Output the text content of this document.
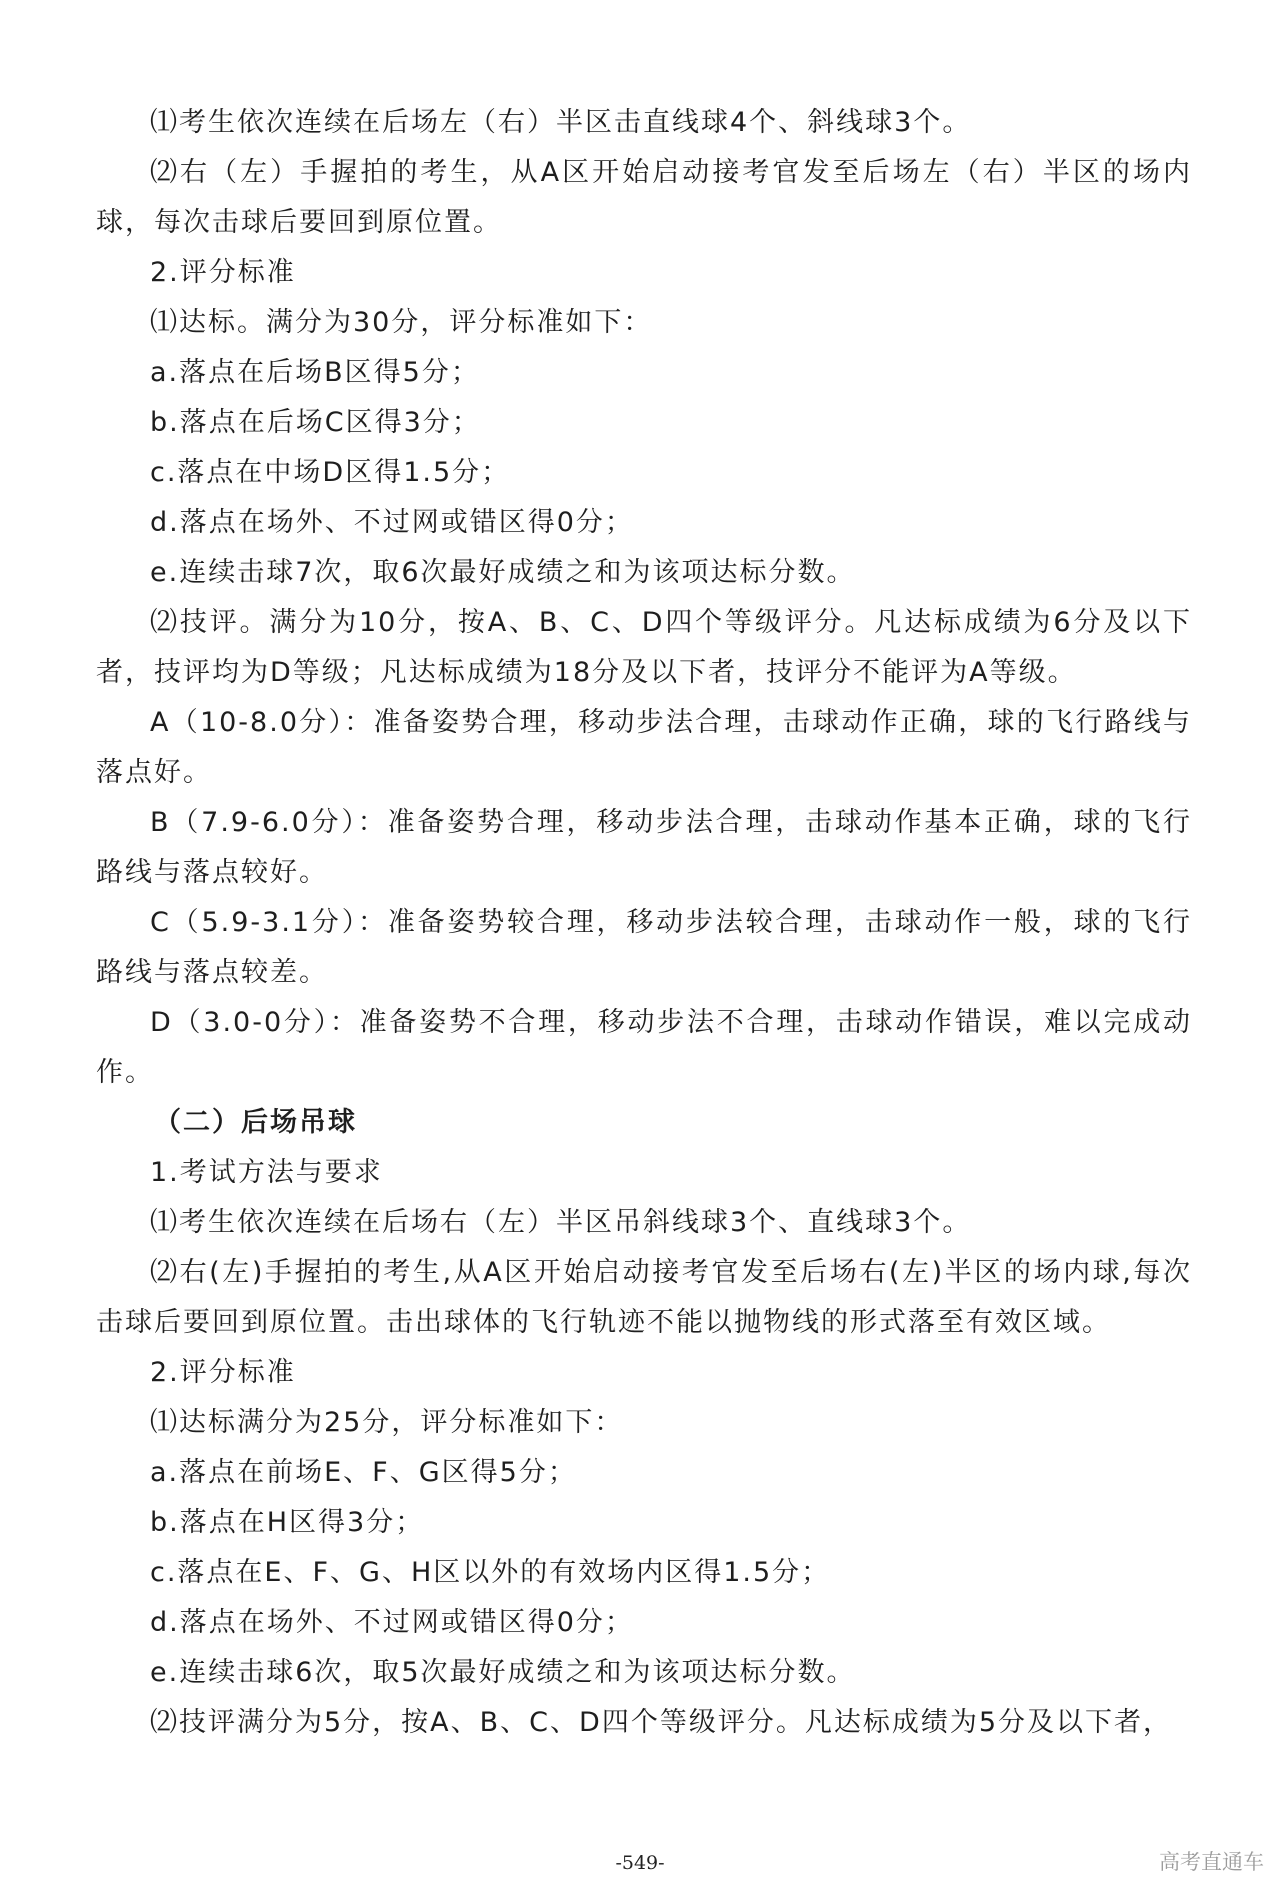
⑴考生依次连续在后场左（右）半区击直线球4个、斜线球3个。

⑵右（左）手握拍的考生，从A区开始启动接考官发至后场左（右）半区的场内球，每次击球后要回到原位置。

2.评分标准

⑴达标。满分为30分，评分标准如下：

a.落点在后场B区得5分；

b.落点在后场C区得3分；

c.落点在中场D区得1.5分；

d.落点在场外、不过网或错区得0分；

e.连续击球7次，取6次最好成绩之和为该项达标分数。

⑵技评。满分为10分，按A、B、C、D四个等级评分。凡达标成绩为6分及以下者，技评均为D等级；凡达标成绩为18分及以下者，技评分不能评为A等级。

A（10-8.0分）：准备姿势合理，移动步法合理，击球动作正确，球的飞行路线与落点好。

B（7.9-6.0分）：准备姿势合理，移动步法合理，击球动作基本正确，球的飞行路线与落点较好。

C（5.9-3.1分）：准备姿势较合理，移动步法较合理，击球动作一般，球的飞行路线与落点较差。

D（3.0-0分）：准备姿势不合理，移动步法不合理，击球动作错误，难以完成动作。

（二）后场吊球

1.考试方法与要求

⑴考生依次连续在后场右（左）半区吊斜线球3个、直线球3个。

⑵右(左)手握拍的考生,从A区开始启动接考官发至后场右(左)半区的场内球,每次击球后要回到原位置。击出球体的飞行轨迹不能以抛物线的形式落至有效区域。

2.评分标准

⑴达标满分为25分，评分标准如下：

a.落点在前场E、F、G区得5分；

b.落点在H区得3分；

c.落点在E、F、G、H区以外的有效场内区得1.5分；

d.落点在场外、不过网或错区得0分；

e.连续击球6次，取5次最好成绩之和为该项达标分数。

⑵技评满分为5分，按A、B、C、D四个等级评分。凡达标成绩为5分及以下者，

-549-	高考直通车
